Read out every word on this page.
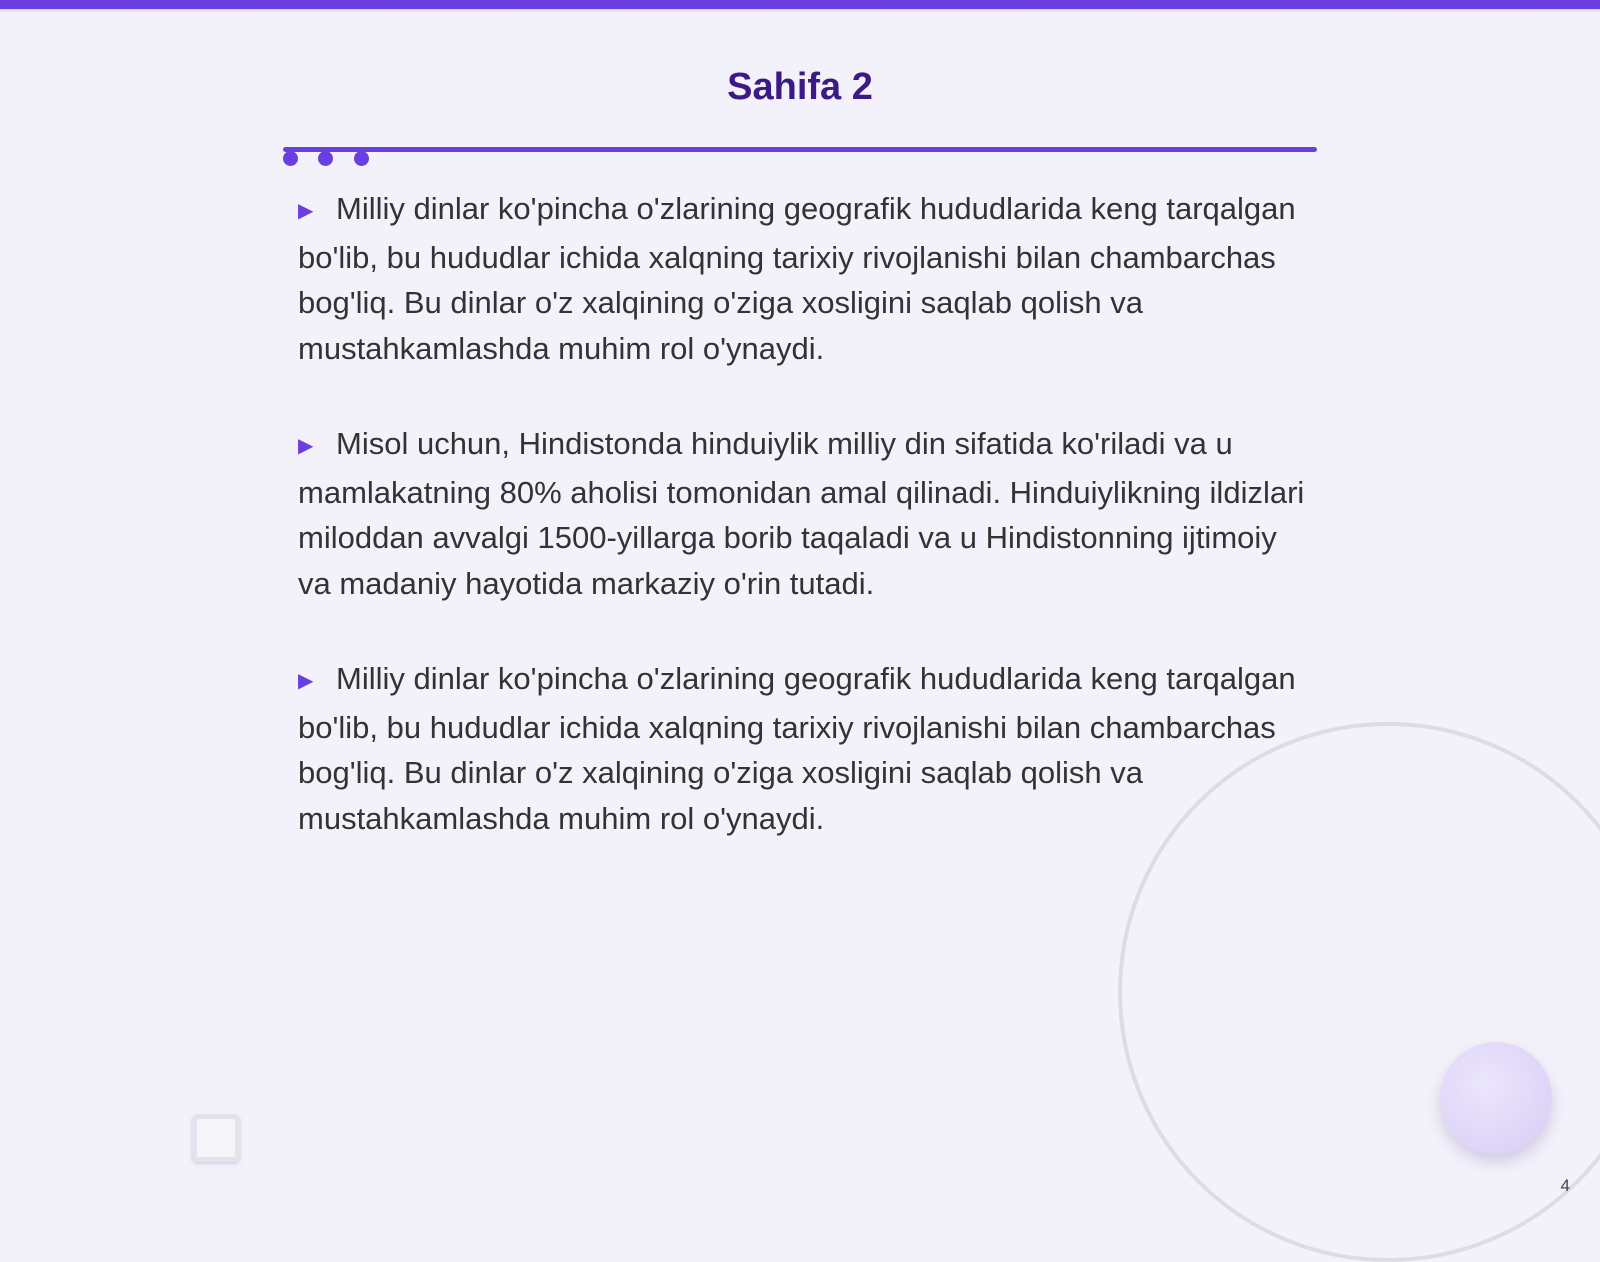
Sahifa 2

▶ Milliy dinlar ko'pincha o'zlarining geografik hududlarida keng tarqalgan bo'lib, bu hududlar ichida xalqning tarixiy rivojlanishi bilan chambarchas bog'liq. Bu dinlar o'z xalqining o'ziga xosligini saqlab qolish va mustahkamlashda muhim rol o'ynaydi.

▶ Misol uchun, Hindistonda hinduiylik milliy din sifatida ko'riladi va u mamlakatning 80% aholisi tomonidan amal qilinadi. Hinduiylikning ildizlari miloddan avvalgi 1500-yillarga borib taqaladi va u Hindistonning ijtimoiy va madaniy hayotida markaziy o'rin tutadi.

▶ Milliy dinlar ko'pincha o'zlarining geografik hududlarida keng tarqalgan bo'lib, bu hududlar ichida xalqning tarixiy rivojlanishi bilan chambarchas bog'liq. Bu dinlar o'z xalqining o'ziga xosligini saqlab qolish va mustahkamlashda muhim rol o'ynaydi.

4
